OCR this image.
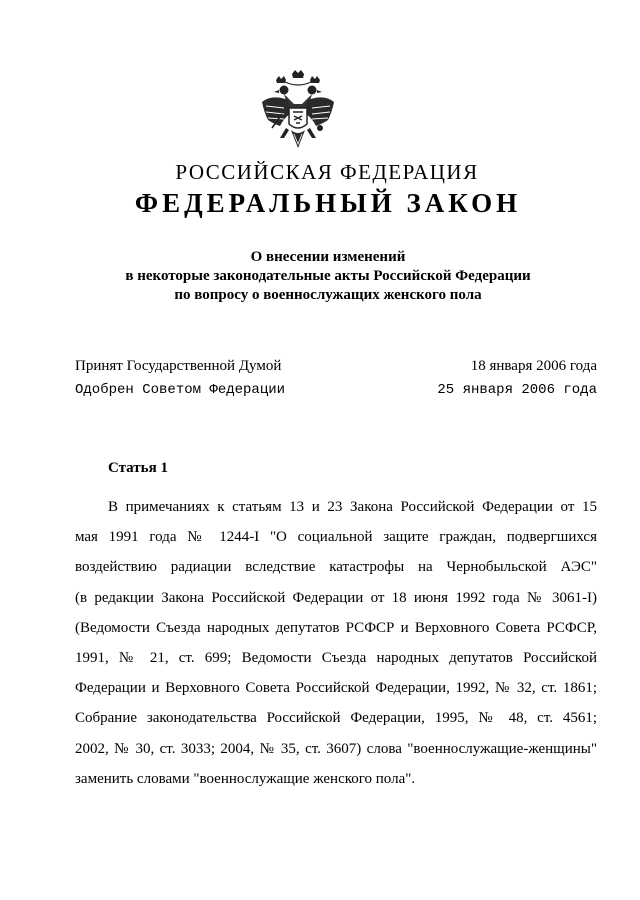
РОССИЙСКАЯ ФЕДЕРАЦИЯ
ФЕДЕРАЛЬНЫЙ ЗАКОН
О внесении изменений
в некоторые законодательные акты Российской Федерации
по вопросу о военнослужащих женского пола
Принят Государственной Думой	18 января 2006 года
Одобрен Советом Федерации	25 января 2006 года
Статья 1
В примечаниях к статьям 13 и 23 Закона Российской Федерации от 15
мая 1991 года № 1244-I "О социальной защите граждан, подвергшихся
воздействию радиации вследствие катастрофы на Чернобыльской АЭС"
(в редакции Закона Российской Федерации от 18 июня 1992 года № 3061-I)
(Ведомости Съезда народных депутатов РСФСР и Верховного Совета РСФСР,
1991, № 21, ст. 699; Ведомости Съезда народных депутатов Российской
Федерации и Верховного Совета Российской Федерации, 1992, № 32, ст. 1861;
Собрание законодательства Российской Федерации, 1995, № 48, ст. 4561;
2002, № 30, ст. 3033; 2004, № 35, ст. 3607) слова "военнослужащие-женщины"
заменить словами "военнослужащие женского пола".
